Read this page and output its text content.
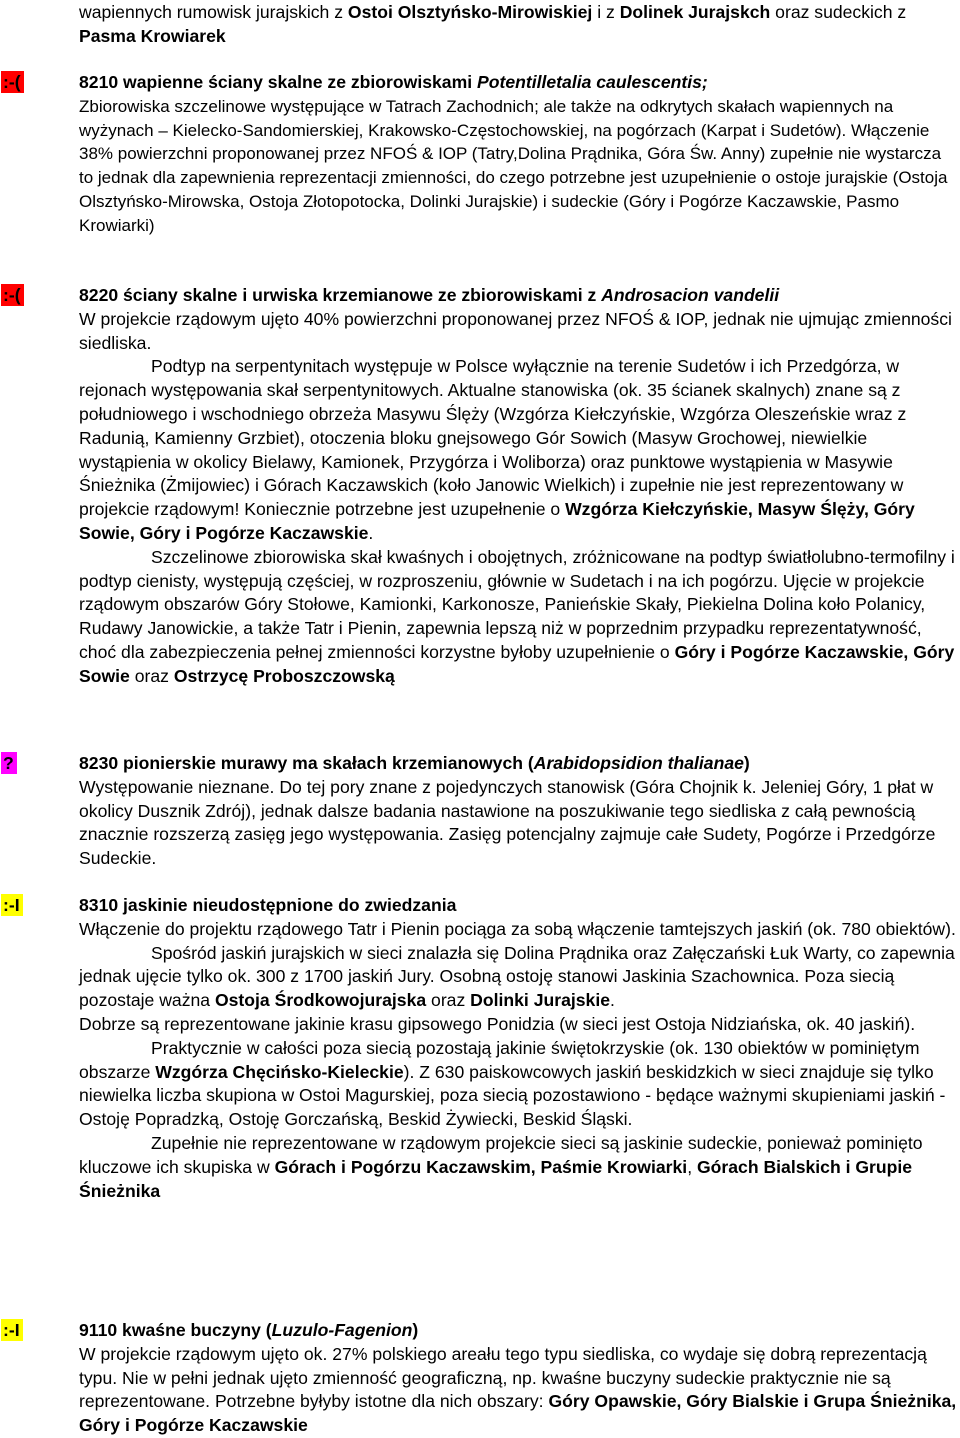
wapiennych rumowisk jurajskich z Ostoi Olsztyńsko-Mirowiskiej i z Dolinek Jurajskch oraz sudeckich z Pasma Krowiarek

:-(	8210 wapienne ściany skalne ze zbiorowiskami Potentilletalia caulescentis;

Zbiorowiska szczelinowe występujące w Tatrach Zachodnich; ale także na odkrytych skałach wapiennych na wyżynach – Kielecko-Sandomierskiej, Krakowsko-Częstochowskiej, na pogórzach (Karpat i Sudetów). Włączenie 38% powierzchni proponowanej przez NFOŚ & IOP (Tatry,Dolina Prądnika, Góra Św. Anny) zupełnie nie wystarcza to jednak dla zapewnienia reprezentacji zmienności, do czego potrzebne jest uzupełnienie o ostoje jurajskie (Ostoja Olsztyńsko-Mirowska, Ostoja Złotopotocka, Dolinki Jurajskie) i sudeckie (Góry i Pogórze Kaczawskie, Pasmo Krowiarki)

:-(	8220 ściany skalne i urwiska krzemianowe ze zbiorowiskami z Androsacion vandelii

W projekcie rządowym ujęto 40% powierzchni proponowanej przez NFOŚ & IOP, jednak nie ujmując zmienności siedliska.

Podtyp na serpentynitach występuje w Polsce wyłącznie na terenie Sudetów i ich Przedgórza, w rejonach występowania skał serpentynitowych. Aktualne stanowiska (ok. 35 ścianek skalnych) znane są z południowego i wschodniego obrzeża Masywu Ślęży (Wzgórza Kiełczyńskie, Wzgórza Oleszeńskie wraz z Radunią, Kamienny Grzbiet), otoczenia bloku gnejsowego Gór Sowich (Masyw Grochowej, niewielkie wystąpienia w okolicy Bielawy, Kamionek, Przygórza i Woliborza) oraz punktowe wystąpienia w Masywie Śnieżnika (Żmijowiec) i Górach Kaczawskich (koło Janowic Wielkich) i zupełnie nie jest reprezentowany w projekcie rządowym! Koniecznie potrzebne jest uzupełnenie o Wzgórza Kiełczyńskie, Masyw Ślęży, Góry Sowie, Góry i Pogórze Kaczawskie.

Szczelinowe zbiorowiska skał kwaśnych i obojętnych, zróżnicowane na podtyp światłolubno-termofilny i podtyp cienisty, występują częściej, w rozproszeniu, głównie w Sudetach i na ich pogórzu. Ujęcie w projekcie rządowym obszarów Góry Stołowe, Kamionki, Karkonosze, Panieńskie Skały, Piekielna Dolina koło Polanicy, Rudawy Janowickie, a także Tatr i Pienin, zapewnia lepszą niż w poprzednim przypadku reprezentatywność, choć dla zabezpieczenia pełnej zmienności korzystne byłoby uzupełnienie o Góry i Pogórze Kaczawskie, Góry Sowie oraz Ostrzycę Proboszczowską

?	8230 pionierskie murawy ma skałach krzemianowych (Arabidopsidion thalianae)

Występowanie nieznane. Do tej pory znane z pojedynczych stanowisk (Góra Chojnik k. Jeleniej Góry, 1 płat w okolicy Dusznik Zdrój), jednak dalsze badania nastawione na poszukiwanie tego siedliska z całą pewnością znacznie rozszerzą zasięg jego występowania. Zasięg potencjalny zajmuje całe Sudety, Pogórze i Przedgórze Sudeckie.

:-I	8310 jaskinie nieudostępnione do zwiedzania

Włączenie do projektu rządowego Tatr i Pienin pociąga za sobą włączenie tamtejszych jaskiń (ok. 780 obiektów).

Spośród jaskiń jurajskich w sieci znalazła się Dolina Prądnika oraz Załęczański Łuk Warty, co zapewnia jednak ujęcie tylko ok. 300 z 1700 jaskiń Jury. Osobną ostoję stanowi Jaskinia Szachownica. Poza siecią pozostaje ważna Ostoja Środkowojurajska oraz Dolinki Jurajskie.

Dobrze są reprezentowane jakinie krasu gipsowego Ponidzia (w sieci jest Ostoja Nidziańska, ok. 40 jaskiń).

Praktycznie w całości poza siecią pozostają jakinie świętokrzyskie (ok. 130 obiektów w pominiętym obszarze Wzgórza Chęcińsko-Kieleckie). Z 630 paiskowcowych jaskiń beskidzkich w sieci znajduje się tylko niewielka liczba skupiona w Ostoi Magurskiej, poza siecią pozostawiono - będące ważnymi skupieniami jaskiń - Ostoję Popradzką, Ostoję Gorczańską, Beskid Żywiecki, Beskid Śląski.

Zupełnie nie reprezentowane w rządowym projekcie sieci są jaskinie sudeckie, ponieważ pominięto kluczowe ich skupiska w Górach i Pogórzu Kaczawskim, Paśmie Krowiarki, Górach Bialskich i Grupie Śnieżnika

:-I	9110 kwaśne buczyny (Luzulo-Fagenion)

W projekcie rządowym ujęto ok. 27% polskiego areału tego typu siedliska, co wydaje się dobrą reprezentacją typu. Nie w pełni jednak ujęto zmienność geograficzną, np. kwaśne buczyny sudeckie praktycznie nie są reprezentowane. Potrzebne byłyby istotne dla nich obszary: Góry Opawskie, Góry Bialskie i Grupa Śnieżnika, Góry i Pogórze Kaczawskie
